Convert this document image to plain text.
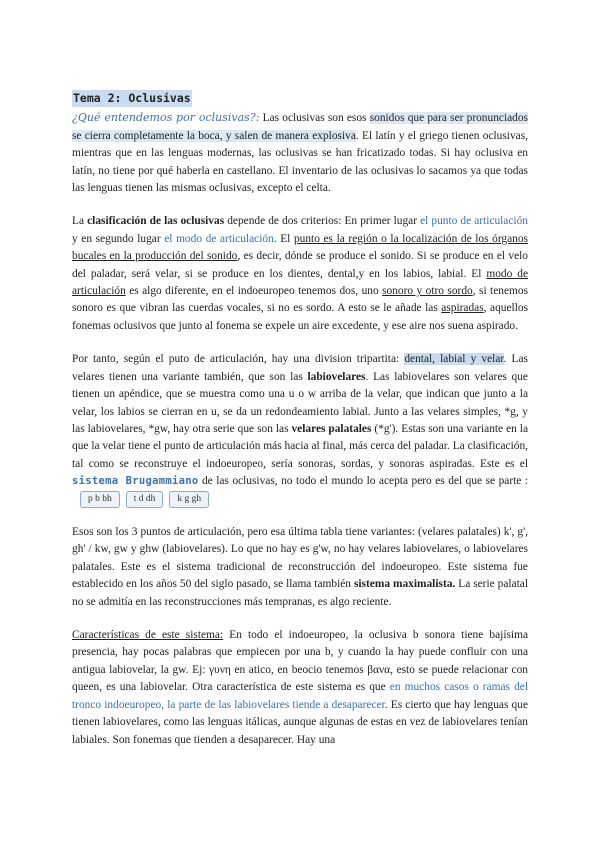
Tema 2: Oclusivas

¿Qué entendemos por oclusivas?: Las oclusivas son esos sonidos que para ser pronunciados se cierra completamente la boca, y salen de manera explosiva. El latín y el griego tienen oclusivas, mientras que en las lenguas modernas, las oclusivas se han fricatizado todas. Si hay oclusiva en latín, no tiene por qué haberla en castellano. El inventario de las oclusivas lo sacamos ya que todas las lenguas tienen las mismas oclusivas, excepto el celta.

La clasificación de las oclusivas depende de dos criterios: En primer lugar el punto de articulación y en segundo lugar el modo de articulación. El punto es la región o la localización de los órganos bucales en la producción del sonido, es decir, dónde se produce el sonido. Si se produce en el velo del paladar, será velar, si se produce en los dientes, dental,y en los labios, labial. El modo de articulación es algo diferente, en el indoeuropeo tenemos dos, uno sonoro y otro sordo, si tenemos sonoro es que vibran las cuerdas vocales, si no es sordo. A esto se le añade las aspiradas, aquellos fonemas oclusivos que junto al fonema se expele un aire excedente, y ese aire nos suena aspirado.

Por tanto, según el puto de articulación, hay una division tripartita: dental, labial y velar. Las velares tienen una variante también, que son las labiovelares. Las labiovelares son velares que tienen un apéndice, que se muestra como una u o w arriba de la velar, que indican que junto a la velar, los labios se cierran en u, se da un redondeamiento labial. Junto a las velares simples, *g, y las labiovelares, *gw, hay otra serie que son las velares palatales (*g'). Estas son una variante en la que la velar tiene el punto de articulación más hacia al final, más cerca del paladar. La clasificación, tal como se reconstruye el indoeuropeo, sería sonoras, sordas, y sonoras aspiradas. Este es el sistema Brugammiano de las oclusivas, no todo el mundo lo acepta pero es del que se parte :
p b bh	t d dh	k g gh

Esos son los 3 puntos de articulación, pero esa última tabla tiene variantes: (velares palatales) k', g', gh' / kw, gw y ghw (labiovelares). Lo que no hay es g'w, no hay velares labiovelares, o labiovelares palatales. Este es el sistema tradicional de reconstrucción del indoeuropeo. Este sistema fue establecido en los años 50 del siglo pasado, se llama también sistema maximalista. La serie palatal no se admitía en las reconstrucciones más tempranas, es algo reciente.

Características de este sistema: En todo el indoeuropeo, la oclusiva b sonora tiene bajísima presencia, hay pocas palabras que empiecen por una b, y cuando la hay puede confluir con una antigua labiovelar, la gw. Ej: γυνη en atico, en beocio tenemos βανα, esto se puede relacionar con queen, es una labiovelar. Otra característica de este sistema es que en muchos casos o ramas del tronco indoeuropeo, la parte de las labiovelares tiende a desaparecer. Es cierto que hay lenguas que tienen labiovelares, como las lenguas itálicas, aunque algunas de estas en vez de labiovelares tenían labiales. Son fonemas que tienden a desaparecer. Hay una
